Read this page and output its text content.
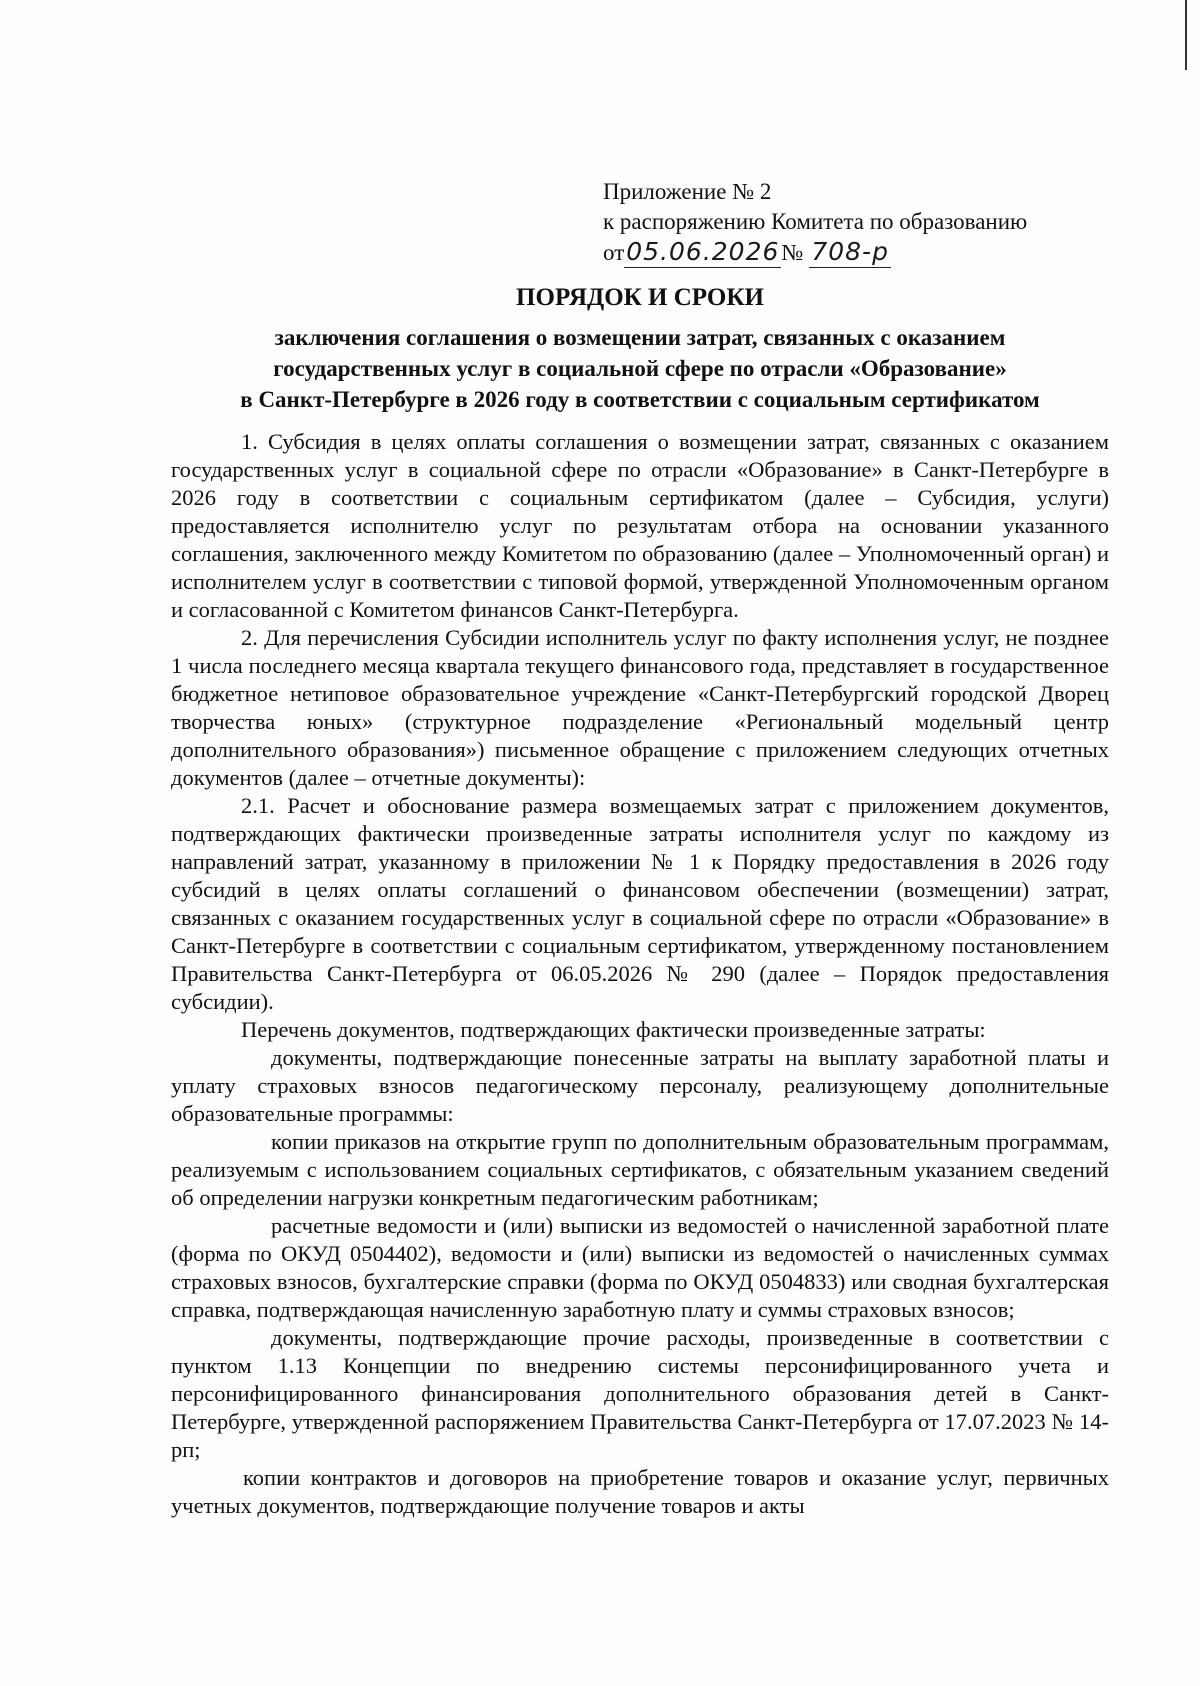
Приложение № 2
к распоряжению Комитета по образованию
от 05.06.2026 № 708-р
ПОРЯДОК И СРОКИ
заключения соглашения о возмещении затрат, связанных с оказанием
государственных услуг в социальной сфере по отрасли «Образование»
в Санкт-Петербурге в 2026 году в соответствии с социальным сертификатом

1. Субсидия в целях оплаты соглашения о возмещении затрат, связанных с оказанием государственных услуг в социальной сфере по отрасли «Образование» в Санкт-Петербурге в 2026 году в соответствии с социальным сертификатом (далее – Субсидия, услуги) предоставляется исполнителю услуг по результатам отбора на основании указанного соглашения, заключенного между Комитетом по образованию (далее – Уполномоченный орган) и исполнителем услуг в соответствии с типовой формой, утвержденной Уполномоченным органом и согласованной с Комитетом финансов Санкт-Петербурга.

2. Для перечисления Субсидии исполнитель услуг по факту исполнения услуг, не позднее 1 числа последнего месяца квартала текущего финансового года, представляет в государственное бюджетное нетиповое образовательное учреждение «Санкт-Петербургский городской Дворец творчества юных» (структурное подразделение «Региональный модельный центр дополнительного образования») письменное обращение с приложением следующих отчетных документов (далее – отчетные документы):

2.1. Расчет и обоснование размера возмещаемых затрат с приложением документов, подтверждающих фактически произведенные затраты исполнителя услуг по каждому из направлений затрат, указанному в приложении № 1 к Порядку предоставления в 2026 году субсидий в целях оплаты соглашений о финансовом обеспечении (возмещении) затрат, связанных с оказанием государственных услуг в социальной сфере по отрасли «Образование» в Санкт-Петербурге в соответствии с социальным сертификатом, утвержденному постановлением Правительства Санкт-Петербурга от 06.05.2026 № 290 (далее – Порядок предоставления субсидии).

Перечень документов, подтверждающих фактически произведенные затраты:

документы, подтверждающие понесенные затраты на выплату заработной платы и уплату страховых взносов педагогическому персоналу, реализующему дополнительные образовательные программы:

копии приказов на открытие групп по дополнительным образовательным программам, реализуемым с использованием социальных сертификатов, с обязательным указанием сведений об определении нагрузки конкретным педагогическим работникам;

расчетные ведомости и (или) выписки из ведомостей о начисленной заработной плате (форма по ОКУД 0504402), ведомости и (или) выписки из ведомостей о начисленных суммах страховых взносов, бухгалтерские справки (форма по ОКУД 0504833) или сводная бухгалтерская справка, подтверждающая начисленную заработную плату и суммы страховых взносов;

документы, подтверждающие прочие расходы, произведенные в соответствии с пунктом 1.13 Концепции по внедрению системы персонифицированного учета и персонифицированного финансирования дополнительного образования детей в Санкт-Петербурге, утвержденной распоряжением Правительства Санкт-Петербурга от 17.07.2023 № 14-рп;

копии контрактов и договоров на приобретение товаров и оказание услуг, первичных учетных документов, подтверждающие получение товаров и акты
